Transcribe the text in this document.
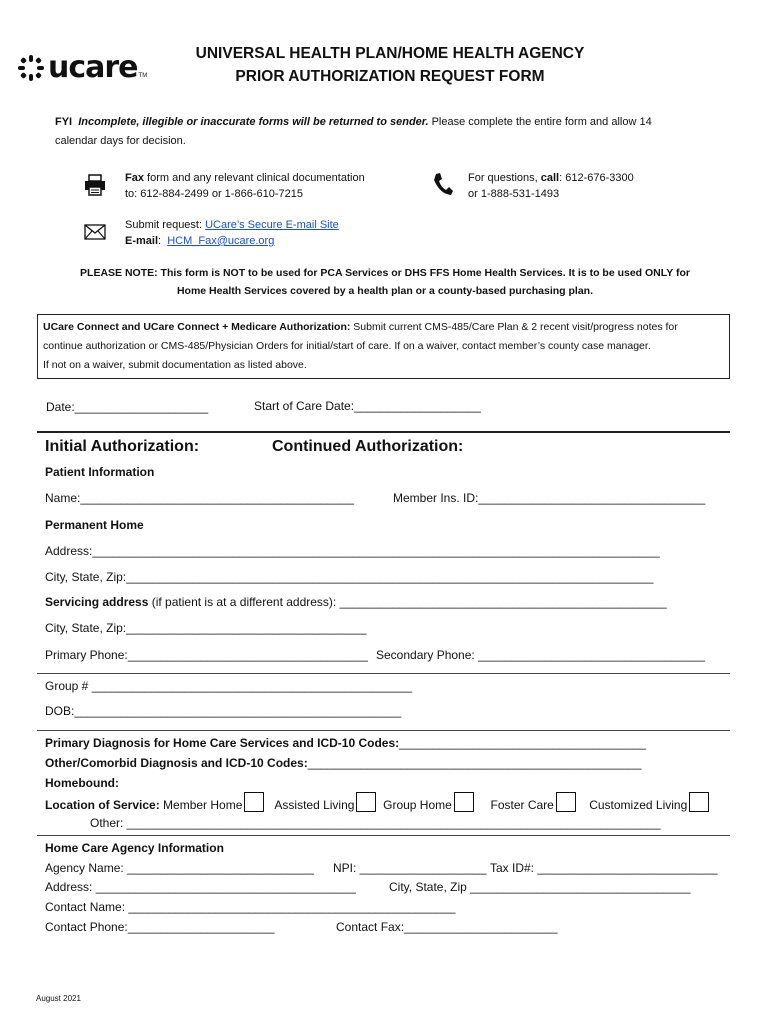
ucare TM
UNIVERSAL HEALTH PLAN/HOME HEALTH AGENCY
PRIOR AUTHORIZATION REQUEST FORM
FYI Incomplete, illegible or inaccurate forms will be returned to sender. Please complete the entire form and allow 14
calendar days for decision.
Fax form and any relevant clinical documentation
to: 612-884-2499 or 1-866-610-7215
For questions, call: 612-676-3300
or 1-888-531-1493
Submit request: UCare’s Secure E-mail Site
E-mail:  HCM_Fax@ucare.org
PLEASE NOTE: This form is NOT to be used for PCA Services or DHS FFS Home Health Services. It is to be used ONLY for
Home Health Services covered by a health plan or a county-based purchasing plan.
UCare Connect and UCare Connect + Medicare Authorization: Submit current CMS-485/Care Plan & 2 recent visit/progress notes for
continue authorization or CMS-485/Physician Orders for initial/start of care. If on a waiver, contact member’s county case manager.
If not on a waiver, submit documentation as listed above.
Date:____________________	Start of Care Date:___________________
Initial Authorization:	Continued Authorization:
Patient Information
Name:_________________________________________	Member Ins. ID:__________________________________
Permanent Home
Address:_____________________________________________________________________________________
City, State, Zip:_______________________________________________________________________________
Servicing address (if patient is at a different address): _________________________________________________
City, State, Zip:____________________________________
Primary Phone:____________________________________ Secondary Phone: __________________________________
Group # ________________________________________________
DOB:_________________________________________________
Primary Diagnosis for Home Care Services and ICD-10 Codes:_____________________________________
Other/Comorbid Diagnosis and ICD-10 Codes:__________________________________________________
Homebound:
Location of Service: Member Home	Assisted Living Group Home	Foster Care	Customized Living
Other: ________________________________________________________________________________
Home Care Agency Information
Agency Name: ____________________________ NPI: ___________________ Tax ID#: ___________________________
Address: _______________________________________	City, State, Zip _________________________________
Contact Name: _________________________________________________
Contact Phone:______________________	Contact Fax:_______________________
August 2021
